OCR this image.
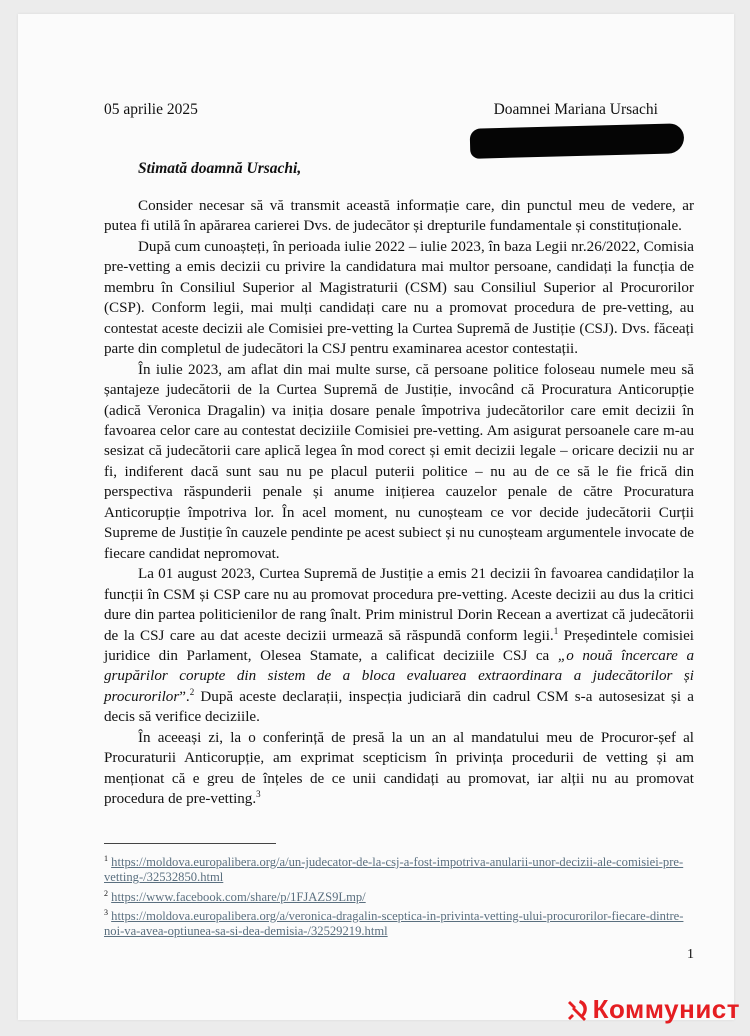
05 aprilie 2025	Doamnei Mariana Ursachi
Stimată doamnă Ursachi,

Consider necesar să vă transmit această informație care, din punctul meu de vedere, ar putea fi utilă în apărarea carierei Dvs. de judecător și drepturile fundamentale și constituționale.

După cum cunoașteți, în perioada iulie 2022 – iulie 2023, în baza Legii nr.26/2022, Comisia pre-vetting a emis decizii cu privire la candidatura mai multor persoane, candidați la funcția de membru în Consiliul Superior al Magistraturii (CSM) sau Consiliul Superior al Procurorilor (CSP). Conform legii, mai mulți candidați care nu a promovat procedura de pre-vetting, au contestat aceste decizii ale Comisiei pre-vetting la Curtea Supremă de Justiție (CSJ). Dvs. făceați parte din completul de judecători la CSJ pentru examinarea acestor contestații.

În iulie 2023, am aflat din mai multe surse, că persoane politice foloseau numele meu să șantajeze judecătorii de la Curtea Supremă de Justiție, invocând că Procuratura Anticorupție (adică Veronica Dragalin) va iniția dosare penale împotriva judecătorilor care emit decizii în favoarea celor care au contestat deciziile Comisiei pre-vetting. Am asigurat persoanele care m-au sesizat că judecătorii care aplică legea în mod corect și emit decizii legale – oricare decizii nu ar fi, indiferent dacă sunt sau nu pe placul puterii politice – nu au de ce să le fie frică din perspectiva răspunderii penale și anume inițierea cauzelor penale de către Procuratura Anticorupție împotriva lor. În acel moment, nu cunoșteam ce vor decide judecătorii Curții Supreme de Justiție în cauzele pendinte pe acest subiect și nu cunoșteam argumentele invocate de fiecare candidat nepromovat.

La 01 august 2023, Curtea Supremă de Justiție a emis 21 decizii în favoarea candidaților la funcții în CSM și CSP care nu au promovat procedura pre-vetting. Aceste decizii au dus la critici dure din partea politicienilor de rang înalt. Prim ministrul Dorin Recean a avertizat că judecătorii de la CSJ care au dat aceste decizii urmează să răspundă conform legii.$^1$ Președintele comisiei juridice din Parlament, Olesea Stamate, a calificat deciziile CSJ ca „o nouă încercare a grupărilor corupte din sistem de a bloca evaluarea extraordinara a judecătorilor și procurorilor”.$^2$ După aceste declarații, inspecția judiciară din cadrul CSM s-a autosesizat și a decis să verifice deciziile.

În aceeași zi, la o conferință de presă la un an al mandatului meu de Procuror-șef al Procuraturii Anticorupție, am exprimat scepticism în privința procedurii de vetting și am menționat că e greu de înțeles de ce unii candidați au promovat, iar alții nu au promovat procedura de pre-vetting.$^3$

$^1$ https://moldova.europalibera.org/a/un-judecator-de-la-csj-a-fost-impotriva-anularii-unor-decizii-ale-comisiei-pre-vetting-/32532850.html

$^2$ https://www.facebook.com/share/p/1FJAZS9Lmp/

$^3$ https://moldova.europalibera.org/a/veronica-dragalin-sceptica-in-privinta-vetting-ului-procurorilor-fiecare-dintre-noi-va-avea-optiunea-sa-si-dea-demisia-/32529219.html

1
Коммунист
